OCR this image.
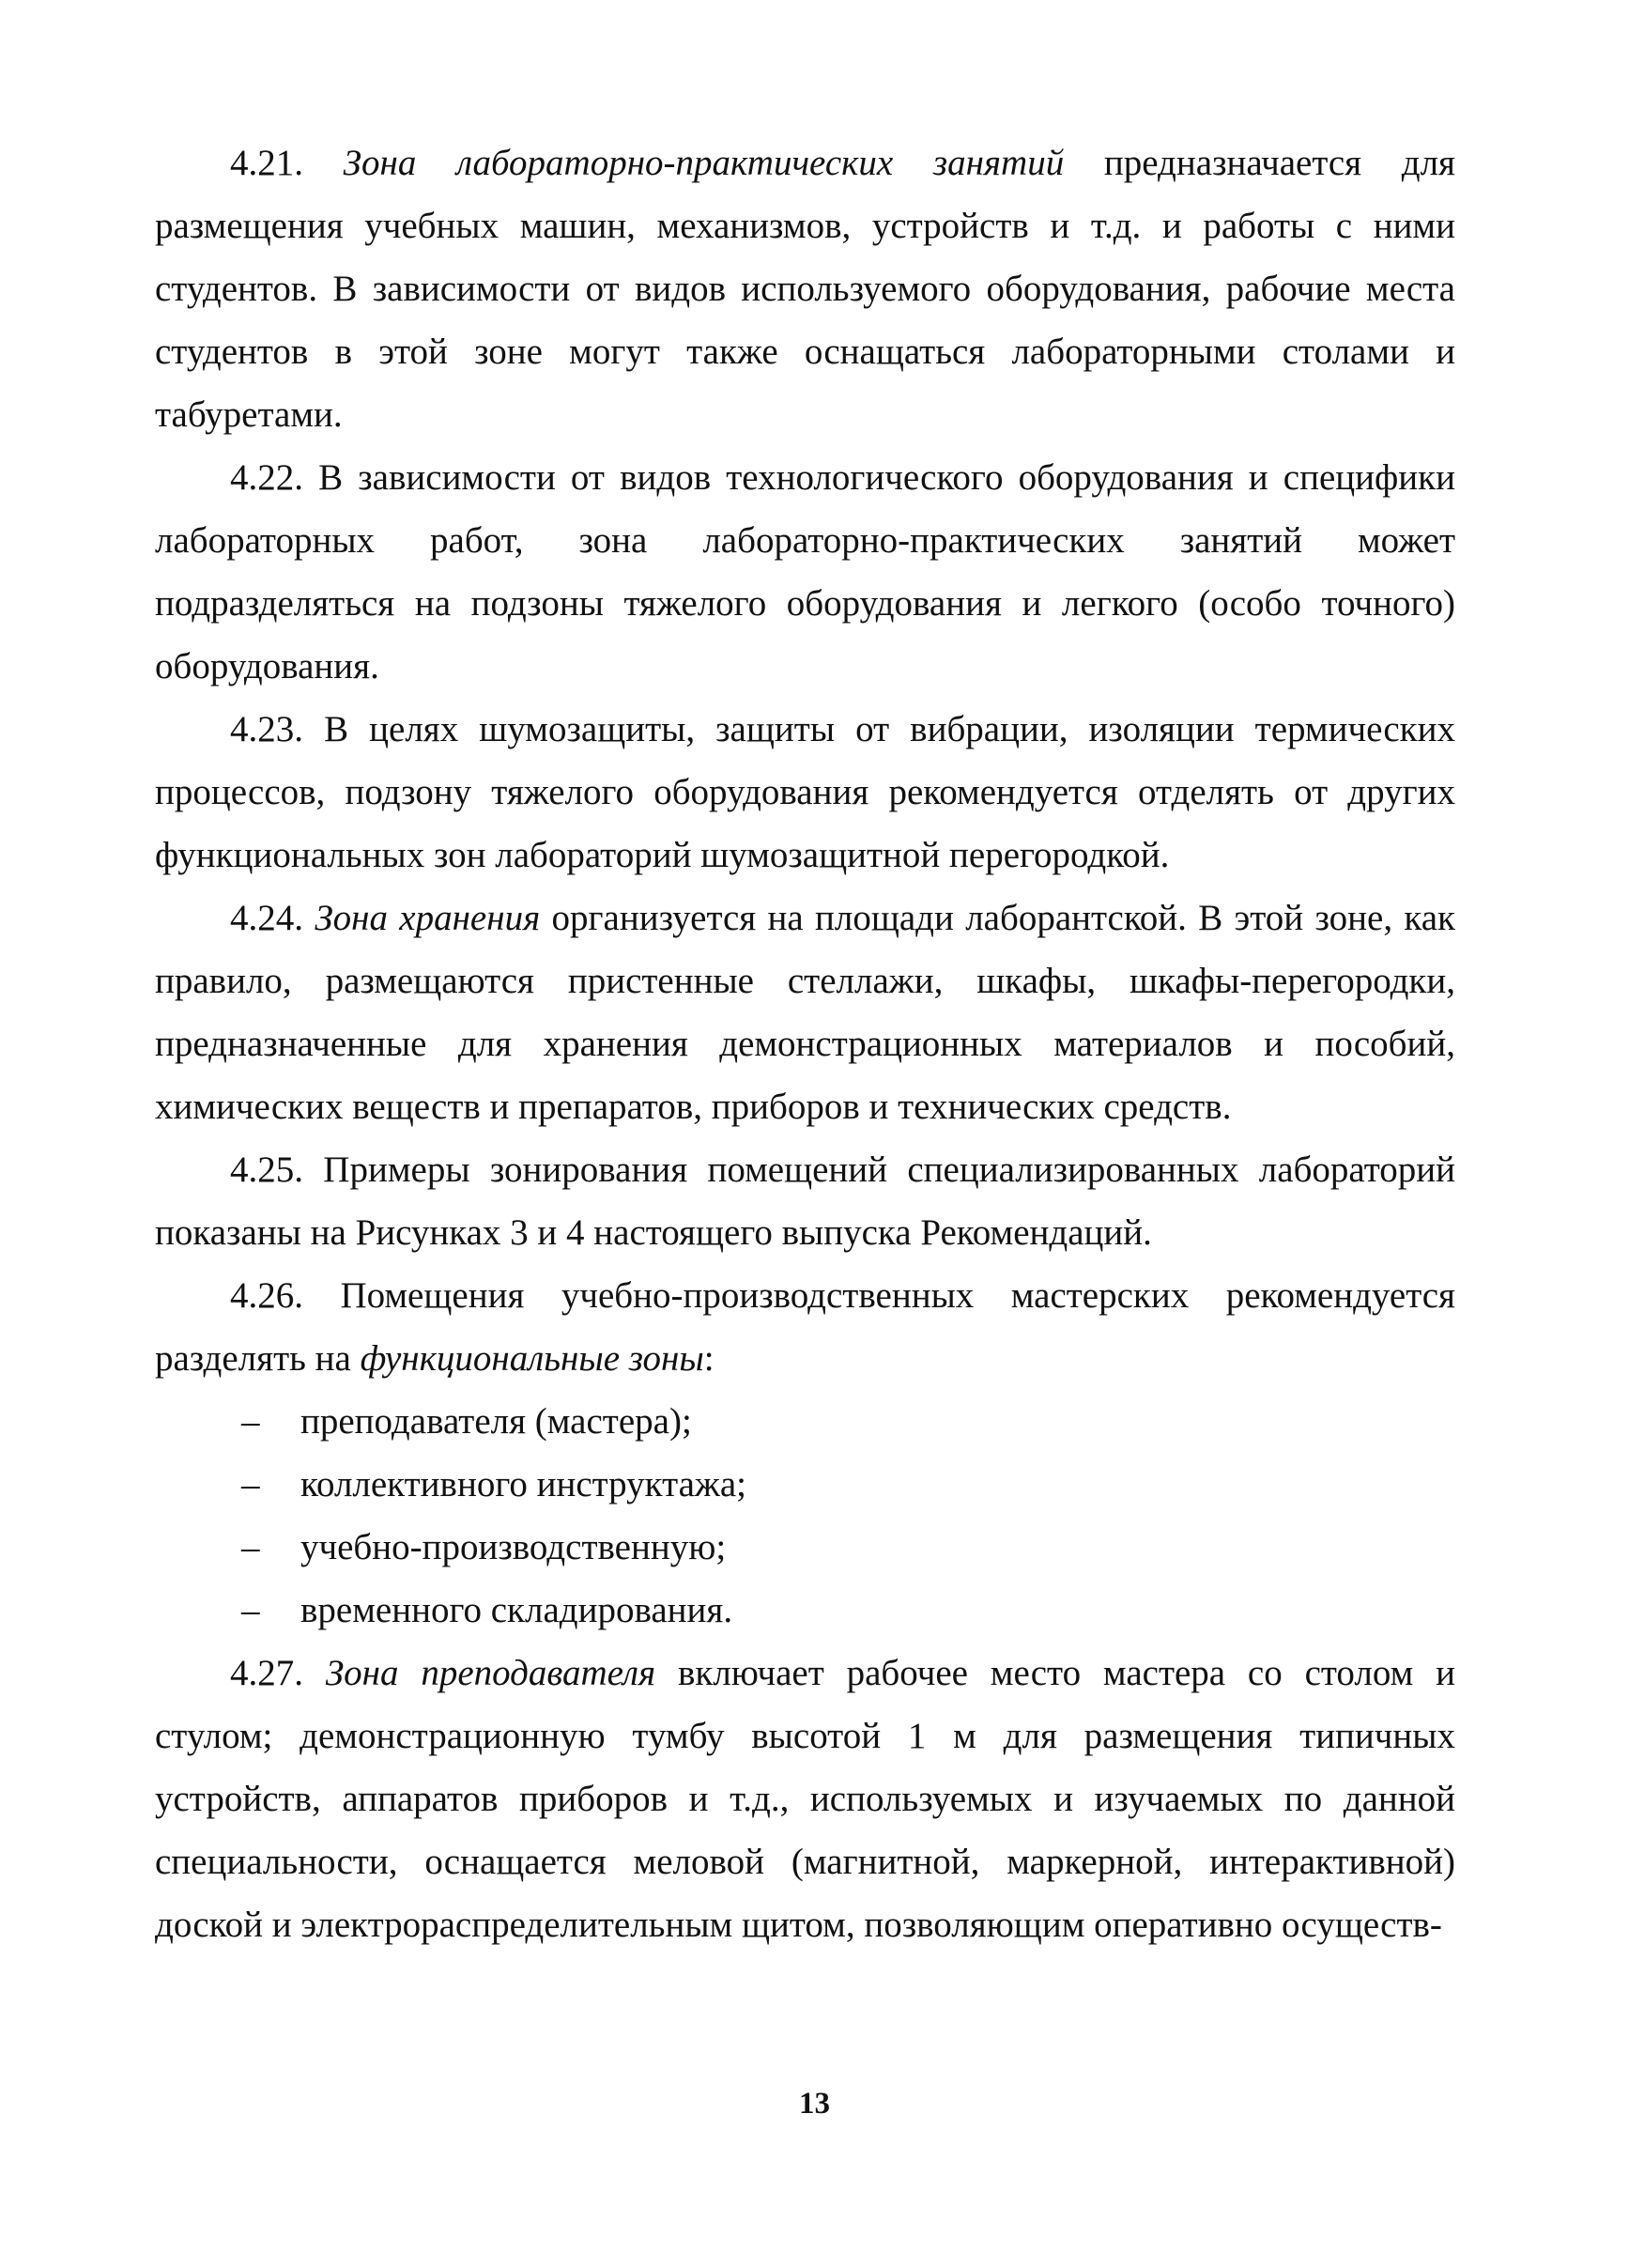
4.21. Зона лабораторно-практических занятий предназначается для размещения учебных машин, механизмов, устройств и т.д. и работы с ними студентов. В зависимости от видов используемого оборудования, рабочие места студентов в этой зоне могут также оснащаться лабораторными столами и табуретами.

4.22. В зависимости от видов технологического оборудования и специфики лабораторных работ, зона лабораторно-практических занятий может подразделяться на подзоны тяжелого оборудования и легкого (особо точного) оборудования.

4.23. В целях шумозащиты, защиты от вибрации, изоляции термических процессов, подзону тяжелого оборудования рекомендуется отделять от других функциональных зон лабораторий шумозащитной перегородкой.

4.24. Зона хранения организуется на площади лаборантской. В этой зоне, как правило, размещаются пристенные стеллажи, шкафы, шкафы-перегородки, предназначенные для хранения демонстрационных материалов и пособий, химических веществ и препаратов, приборов и технических средств.

4.25. Примеры зонирования помещений специализированных лабораторий показаны на Рисунках 3 и 4 настоящего выпуска Рекомендаций.

4.26. Помещения учебно-производственных мастерских рекомендуется разделять на функциональные зоны:

– преподавателя (мастера);
– коллективного инструктажа;
– учебно-производственную;
– временного складирования.

4.27. Зона преподавателя включает рабочее место мастера со столом и стулом; демонстрационную тумбу высотой 1 м для размещения типичных устройств, аппаратов приборов и т.д., используемых и изучаемых по данной специальности, оснащается меловой (магнитной, маркерной, интерактивной) доской и электрораспределительным щитом, позволяющим оперативно осуществ-

13
